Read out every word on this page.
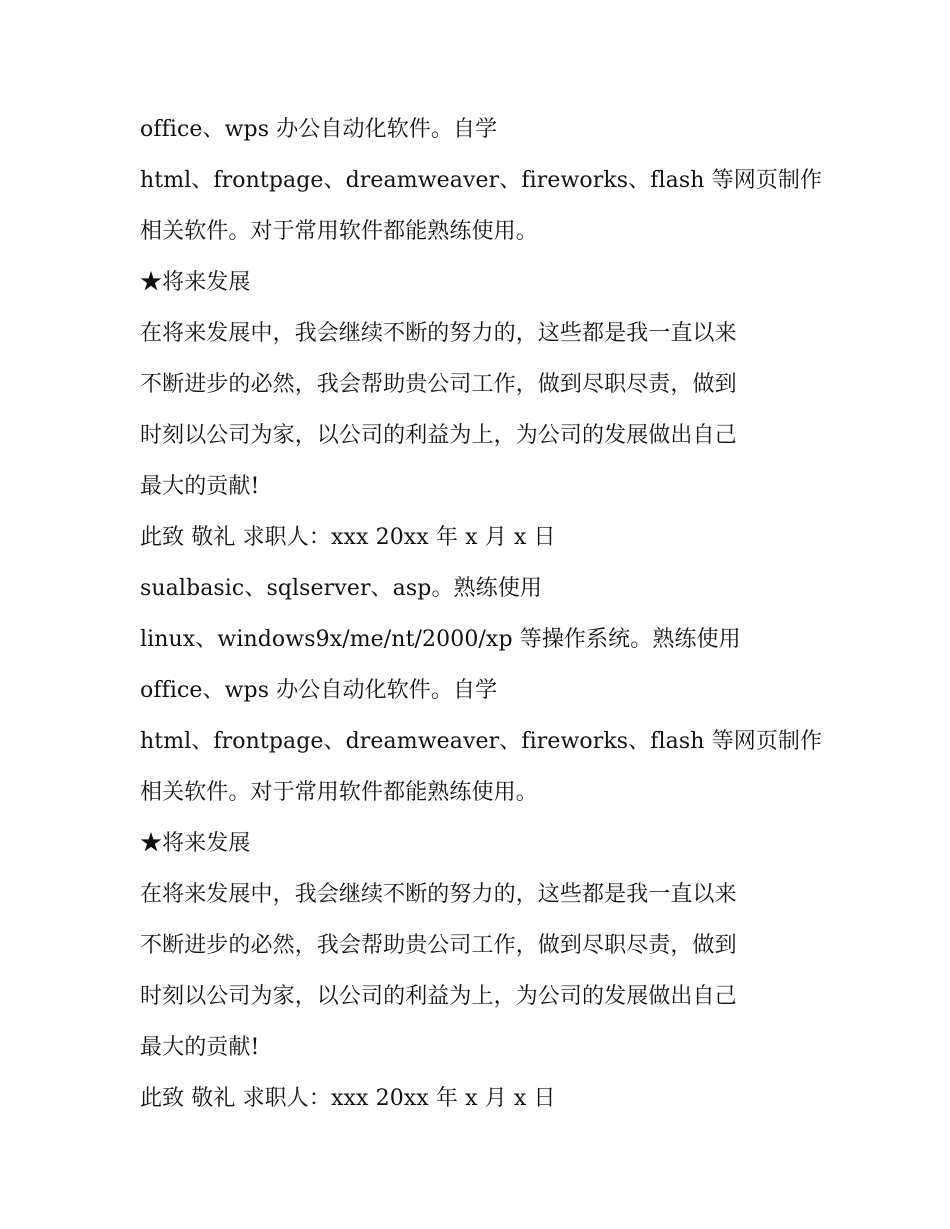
office、wps 办公自动化软件。自学
html、frontpage、dreamweaver、fireworks、flash 等网页制作
相关软件。对于常用软件都能熟练使用。
★将来发展
在将来发展中，我会继续不断的努力的，这些都是我一直以来
不断进步的必然，我会帮助贵公司工作，做到尽职尽责，做到
时刻以公司为家，以公司的利益为上，为公司的发展做出自己
最大的贡献!
此致 敬礼 求职人：xxx 20xx 年 x 月 x 日
sualbasic、sqlserver、asp。熟练使用
linux、windows9x/me/nt/2000/xp 等操作系统。熟练使用
office、wps 办公自动化软件。自学
html、frontpage、dreamweaver、fireworks、flash 等网页制作
相关软件。对于常用软件都能熟练使用。
★将来发展
在将来发展中，我会继续不断的努力的，这些都是我一直以来
不断进步的必然，我会帮助贵公司工作，做到尽职尽责，做到
时刻以公司为家，以公司的利益为上，为公司的发展做出自己
最大的贡献!
此致 敬礼 求职人：xxx 20xx 年 x 月 x 日
